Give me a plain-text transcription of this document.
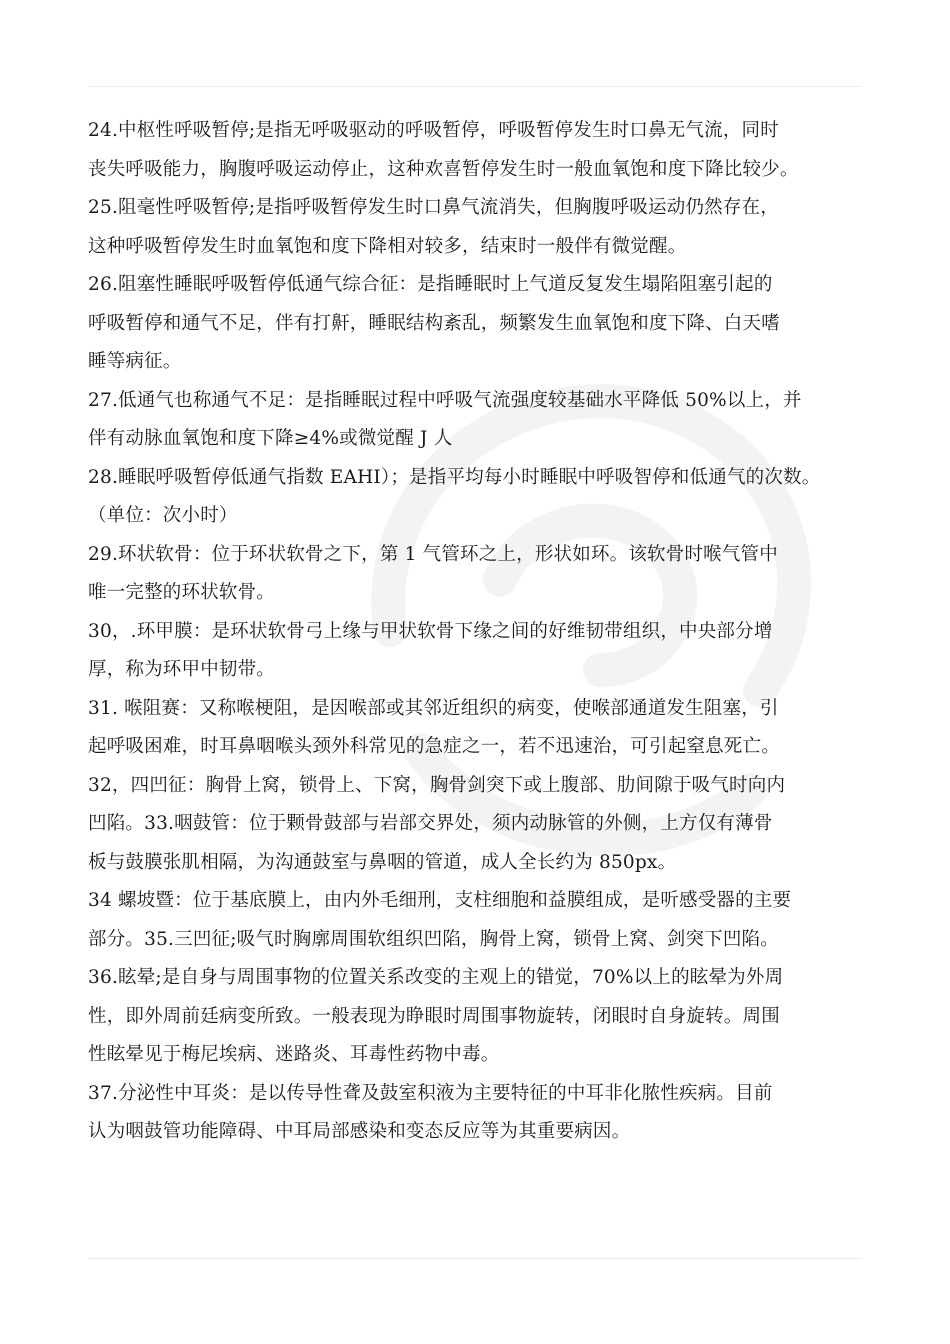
24.中枢性呼吸暂停;是指无呼吸驱动的呼吸暂停，呼吸暂停发生时口鼻无气流，同时
丧失呼吸能力，胸腹呼吸运动停止，这种欢喜暂停发生时一般血氧饱和度下降比较少。
25.阻毫性呼吸暂停;是指呼吸暂停发生时口鼻气流消失，但胸腹呼吸运动仍然存在，
这种呼吸暂停发生时血氧饱和度下降相对较多，结束时一般伴有微觉醒。
26.阻塞性睡眠呼吸暂停低通气综合征：是指睡眠时上气道反复发生塌陷阻塞引起的
呼吸暂停和通气不足，伴有打鼾，睡眠结构紊乱，频繁发生血氧饱和度下降、白天嗜
睡等病征。
27.低通气也称通气不足：是指睡眠过程中呼吸气流强度较基础水平降低 50%以上，并
伴有动脉血氧饱和度下降≥4%或微觉醒 J 人
28.睡眠呼吸暂停低通气指数 EAHI）；是指平均每小时睡眠中呼吸智停和低通气的次数。
（单位：次小时）
29.环状软骨：位于环状软骨之下，第 1 气管环之上，形状如环。该软骨时喉气管中
唯一完整的环状软骨。
30，.环甲膜：是环状软骨弓上缘与甲状软骨下缘之间的好维韧带组织，中央部分增
厚，称为环甲中韧带。
31. 喉阻赛：又称喉梗阻，是因喉部或其邻近组织的病变，使喉部通道发生阻塞，引
起呼吸困难，时耳鼻咽喉头颈外科常见的急症之一，若不迅速治，可引起窒息死亡。
32，四凹征：胸骨上窝，锁骨上、下窝，胸骨剑突下或上腹部、肋间隙于吸气时向内
凹陷。33.咽鼓管：位于颗骨鼓部与岩部交界处，须内动脉管的外侧，上方仅有薄骨
板与鼓膜张肌相隔，为沟通鼓室与鼻咽的管道，成人全长约为 850px。
34 螺坡暨：位于基底膜上，由内外毛细刑，支柱细胞和益膜组成，是听感受器的主要
部分。35.三凹征;吸气时胸廓周围软组织凹陷，胸骨上窝，锁骨上窝、剑突下凹陷。
36.眩晕;是自身与周围事物的位置关系改变的主观上的错觉，70%以上的眩晕为外周
性，即外周前廷病变所致。一般表现为睁眼时周围事物旋转，闭眼时自身旋转。周围
性眩晕见于梅尼埃病、迷路炎、耳毒性药物中毒。
37.分泌性中耳炎：是以传导性聋及鼓室积液为主要特征的中耳非化脓性疾病。目前
认为咽鼓管功能障碍、中耳局部感染和变态反应等为其重要病因。
